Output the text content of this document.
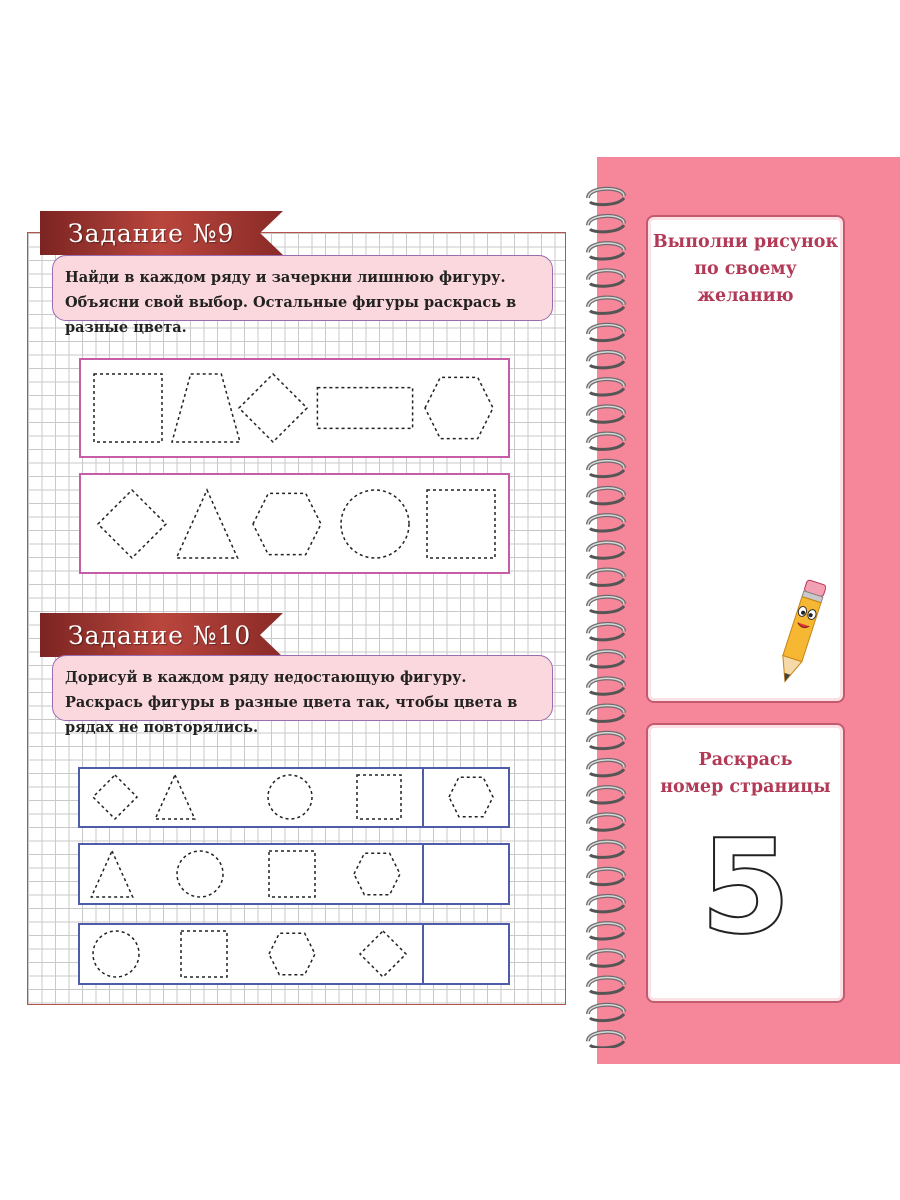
Задание №9
Найди в каждом ряду и зачеркни лишнюю фигуру. Объясни свой выбор. Остальные фигуры раскрась в разные цвета.
Задание №10
Дорисуй в каждом ряду недостающую фигуру. Раскрась фигуры в разные цвета так, чтобы цвета в рядах не повторялись.
Выполни рисунок
по своему желанию
Раскрась
номер страницы
5
